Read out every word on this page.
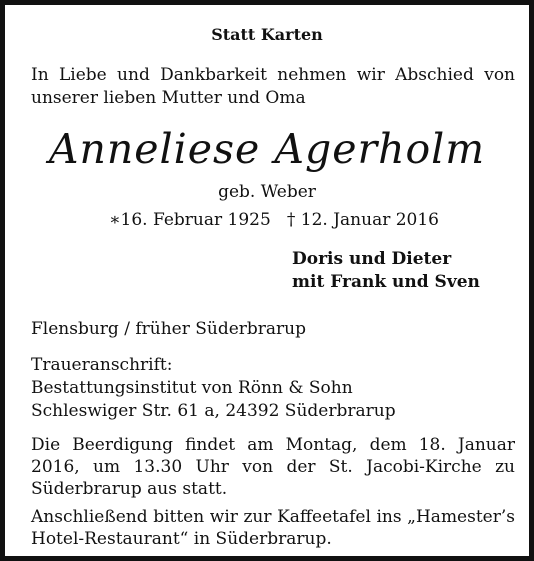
Statt Karten
In Liebe und Dankbarkeit nehmen wir Abschied von unserer lieben Mutter und Oma
Anneliese Agerholm
geb. Weber
∗16. Februar 1925 † 12. Januar 2016
Doris und Dieter
mit Frank und Sven
Flensburg / früher Süderbrarup
Traueranschrift:
Bestattungsinstitut von Rönn & Sohn
Schleswiger Str. 61 a, 24392 Süderbrarup
Die Beerdigung findet am Montag, dem 18. Januar 2016, um 13.30 Uhr von der St. Jacobi-Kirche zu Süderbrarup aus statt.
Anschließend bitten wir zur Kaffeetafel ins „Hamester’s Hotel-Restaurant“ in Süderbrarup.
